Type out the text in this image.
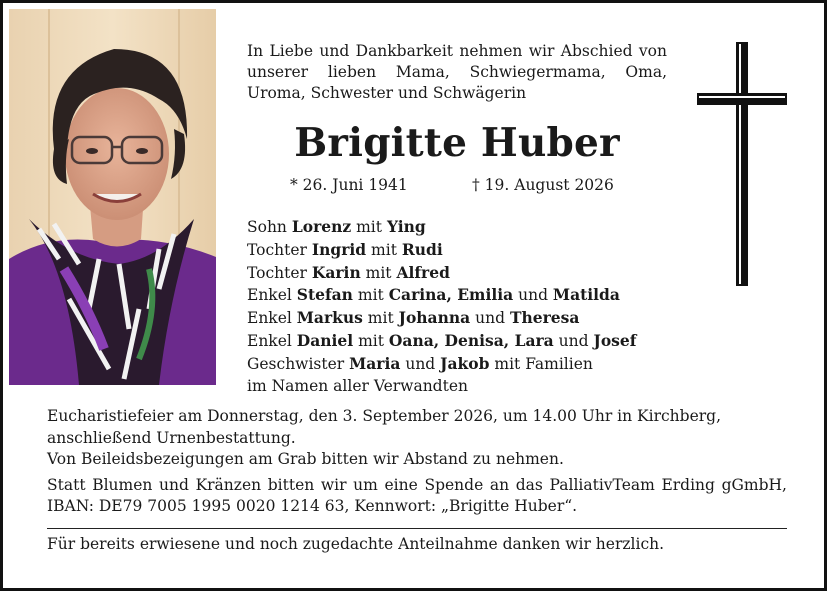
In Liebe und Dankbarkeit nehmen wir Abschied von unserer lieben Mama, Schwiegermama, Oma, Uroma, Schwester und Schwägerin
Brigitte Huber
* 26. Juni 1941	† 19. August 2026
Sohn Lorenz mit Ying
Tochter Ingrid mit Rudi
Tochter Karin mit Alfred
Enkel Stefan mit Carina, Emilia und Matilda
Enkel Markus mit Johanna und Theresa
Enkel Daniel mit Oana, Denisa, Lara und Josef
Geschwister Maria und Jakob mit Familien
im Namen aller Verwandten

Eucharistiefeier am Donnerstag, den 3. September 2026, um 14.00 Uhr in Kirchberg, anschließend Urnenbestattung.

Von Beileidsbezeigungen am Grab bitten wir Abstand zu nehmen.

Statt Blumen und Kränzen bitten wir um eine Spende an das PalliativTeam Erding gGmbH, IBAN: DE79 7005 1995 0020 1214 63, Kennwort: „Brigitte Huber“.

Für bereits erwiesene und noch zugedachte Anteilnahme danken wir herzlich.
